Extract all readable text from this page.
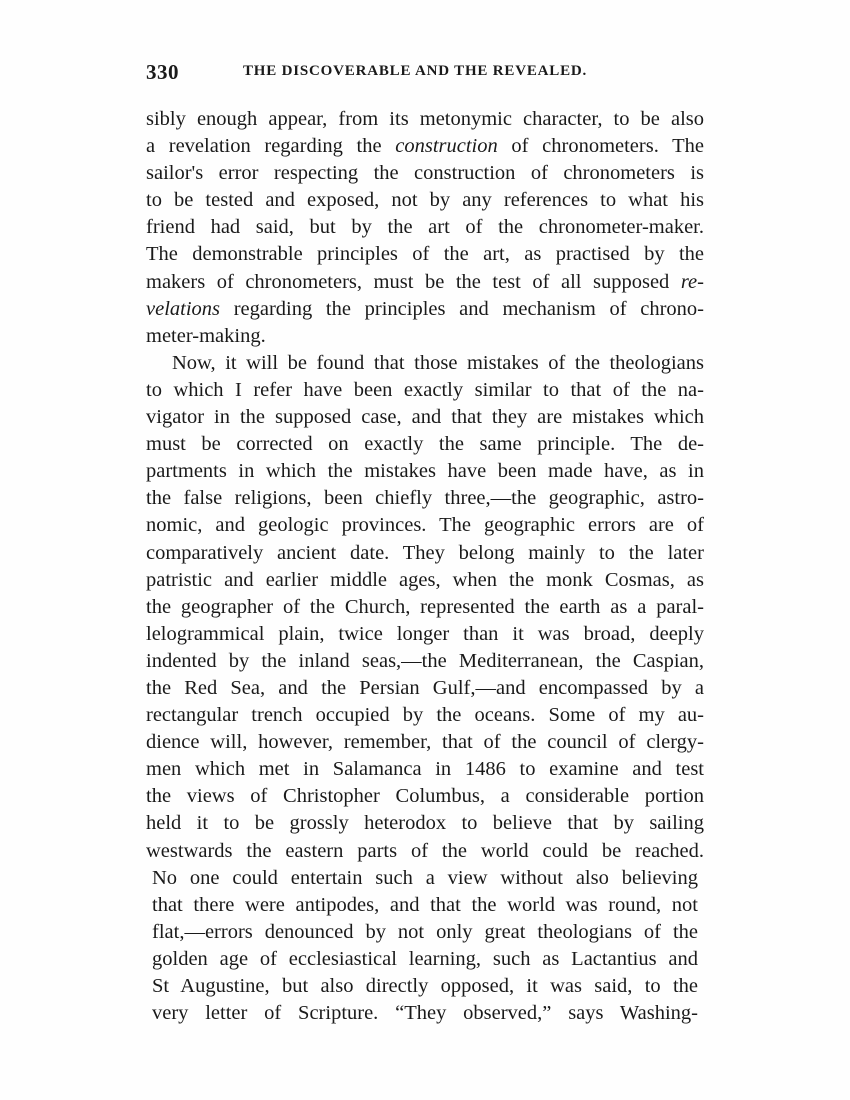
330	THE DISCOVERABLE AND THE REVEALED.
sibly enough appear, from its metonymic character, to be also
a revelation regarding the construction of chronometers. The
sailor's error respecting the construction of chronometers is
to be tested and exposed, not by any references to what his
friend had said, but by the art of the chronometer-maker.
The demonstrable principles of the art, as practised by the
makers of chronometers, must be the test of all supposed re-
velations regarding the principles and mechanism of chrono-
meter-making.
Now, it will be found that those mistakes of the theologians
to which I refer have been exactly similar to that of the na-
vigator in the supposed case, and that they are mistakes which
must be corrected on exactly the same principle. The de-
partments in which the mistakes have been made have, as in
the false religions, been chiefly three,—the geographic, astro-
nomic, and geologic provinces. The geographic errors are of
comparatively ancient date. They belong mainly to the later
patristic and earlier middle ages, when the monk Cosmas, as
the geographer of the Church, represented the earth as a paral-
lelogrammical plain, twice longer than it was broad, deeply
indented by the inland seas,—the Mediterranean, the Caspian,
the Red Sea, and the Persian Gulf,—and encompassed by a
rectangular trench occupied by the oceans. Some of my au-
dience will, however, remember, that of the council of clergy-
men which met in Salamanca in 1486 to examine and test
the views of Christopher Columbus, a considerable portion
held it to be grossly heterodox to believe that by sailing
westwards the eastern parts of the world could be reached.
No one could entertain such a view without also believing
that there were antipodes, and that the world was round, not
flat,—errors denounced by not only great theologians of the
golden age of ecclesiastical learning, such as Lactantius and
St Augustine, but also directly opposed, it was said, to the
very letter of Scripture. “They observed,” says Washing-
